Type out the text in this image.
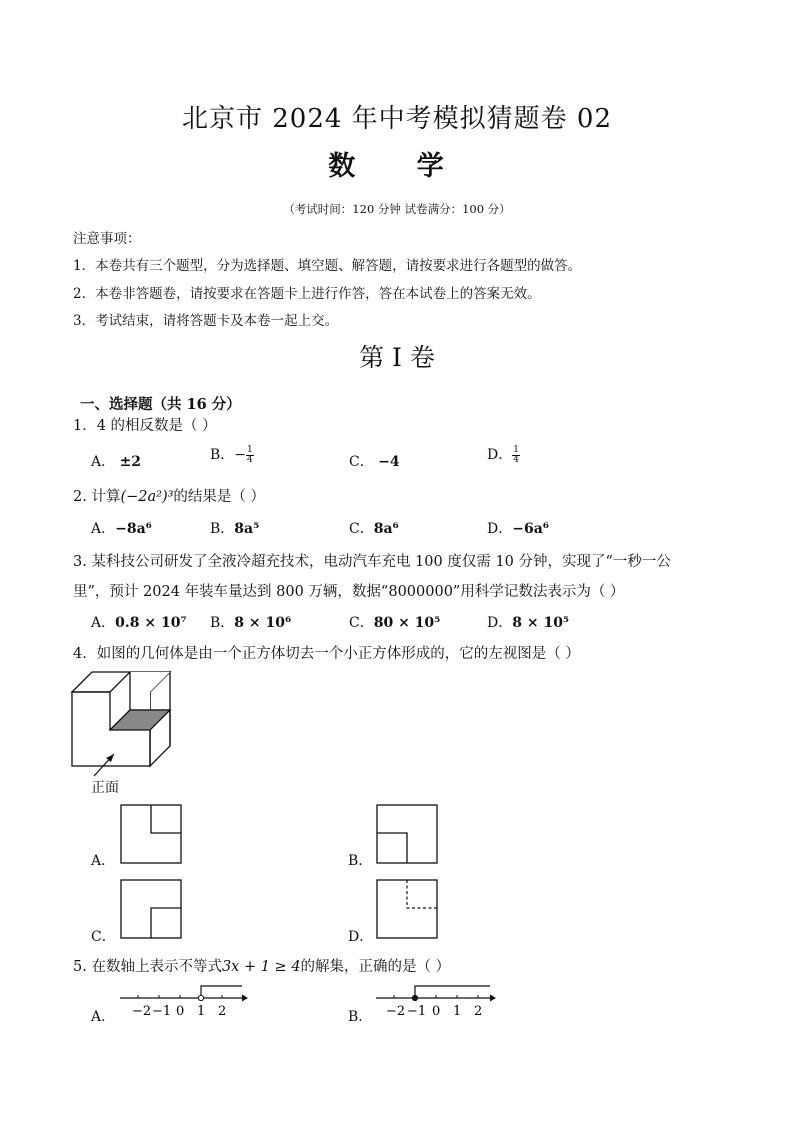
北京市 2024 年中考模拟猜题卷 02
数 学
（考试时间：120 分钟 试卷满分：100 分）
注意事项：
1．本卷共有三个题型，分为选择题、填空题、解答题，请按要求进行各题型的做答。
2．本卷非答题卷，请按要求在答题卡上进行作答，答在本试卷上的答案无效。
3．考试结束，请将答题卡及本卷一起上交。
第 I 卷
一、选择题（共 16 分）
1．4 的相反数是（ ）
A． ±2	B．− $\frac{1}{4}$	C． −4	D． $\frac{1}{4}$
2. 计算(−2a²)³的结果是（ ）
A．−8a⁶	B．8a⁵	C．8a⁶	D．−6a⁶
3. 某科技公司研发了全液冷超充技术，电动汽车充电 100 度仅需 10 分钟，实现了“一秒一公
里”，预计 2024 年装车量达到 800 万辆，数据“8000000”用科学记数法表示为（ ）
A．0.8 × 10⁷ B．8 × 10⁶	C．80 × 10⁵	D．8 × 10⁵
4．如图的几何体是由一个正方体切去一个小正方体形成的，它的左视图是（ ）
正面
A．	B．
C．	D．
5. 在数轴上表示不等式3x + 1 ≥ 4的解集，正确的是（ ）
A． −2 −1 0 1 2	B． −2 −1 0 1 2
